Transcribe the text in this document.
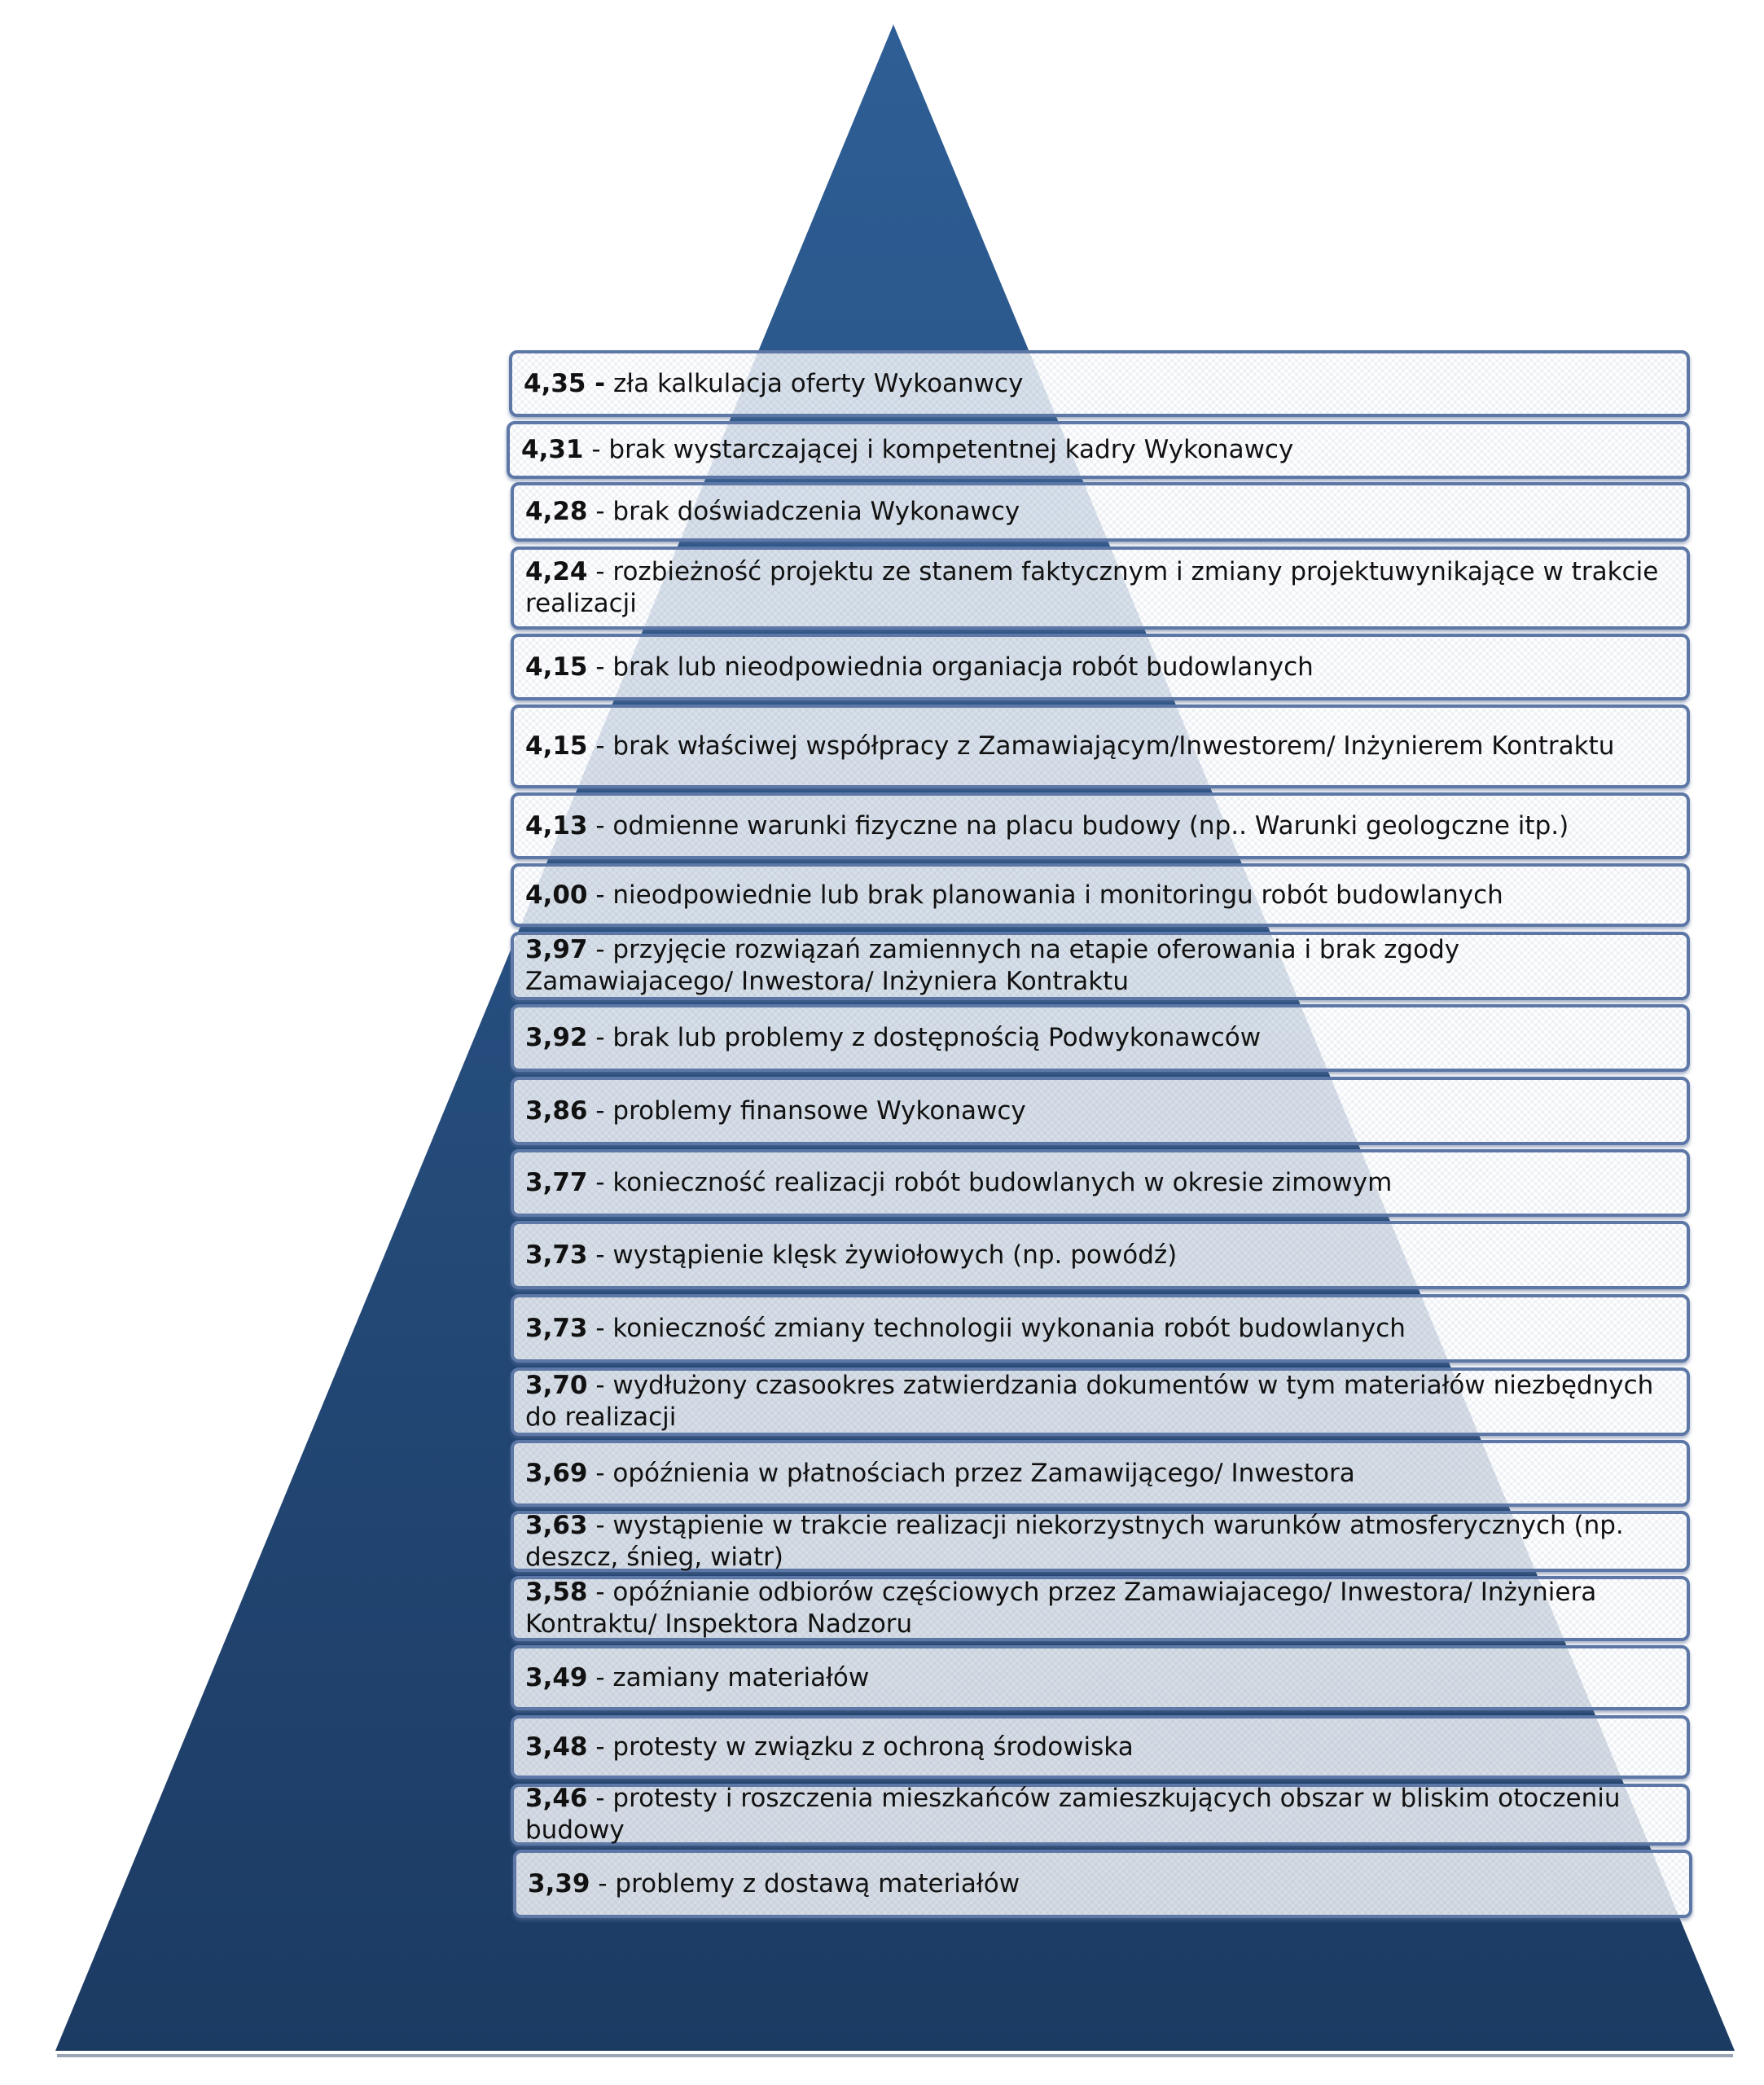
4,35 - zła kalkulacja oferty Wykoanwcy
4,31 - brak wystarczającej i kompetentnej kadry Wykonawcy
4,28 - brak doświadczenia Wykonawcy
4,24 - rozbieżność projektu ze stanem faktycznym i zmiany projektuwynikające w trakcie realizacji
4,15 - brak lub nieodpowiednia organiacja robót budowlanych
4,15 - brak właściwej współpracy z Zamawiającym/Inwestorem/ Inżynierem Kontraktu
4,13 - odmienne warunki fizyczne na placu budowy (np.. Warunki geologczne itp.)
4,00 - nieodpowiednie lub brak planowania i monitoringu robót budowlanych
3,97 - przyjęcie rozwiązań zamiennych na etapie oferowania i brak zgody Zamawiajacego/ Inwestora/ Inżyniera Kontraktu
3,92 - brak lub problemy z dostępnością Podwykonawców
3,86 - problemy finansowe Wykonawcy
3,77 - konieczność realizacji robót budowlanych w okresie zimowym
3,73 - wystąpienie klęsk żywiołowych (np. powódź)
3,73 - konieczność zmiany technologii wykonania robót budowlanych
3,70 - wydłużony czasookres zatwierdzania dokumentów w tym materiałów niezbędnych do realizacji
3,69 - opóźnienia w płatnościach przez Zamawijącego/ Inwestora
3,63 - wystąpienie w trakcie realizacji niekorzystnych warunków atmosferycznych (np. deszcz, śnieg, wiatr)
3,58 - opóźnianie odbiorów częściowych przez Zamawiajacego/ Inwestora/ Inżyniera Kontraktu/ Inspektora Nadzoru
3,49 - zamiany materiałów
3,48 - protesty w związku z ochroną środowiska
3,46 - protesty i roszczenia mieszkańców zamieszkujących obszar w bliskim otoczeniu budowy
3,39 - problemy z dostawą materiałów
